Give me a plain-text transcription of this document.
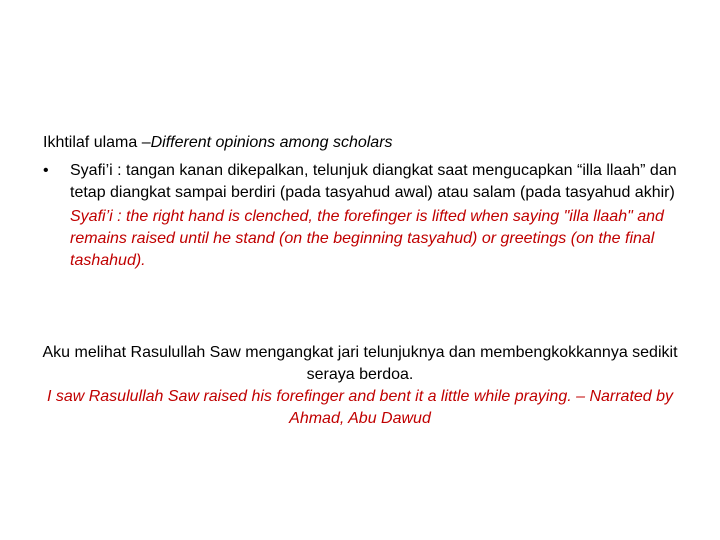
Ikhtilaf ulama –Different opinions among scholars
• Syafi’i : tangan kanan dikepalkan, telunjuk diangkat saat mengucapkan “illa llaah” dan tetap diangkat sampai berdiri (pada tasyahud awal) atau salam (pada tasyahud akhir)
Syafi’i : the right hand is clenched, the forefinger is lifted when saying "illa llaah" and remains raised until he stand (on the beginning tasyahud) or greetings (on the final tashahud).
Aku melihat Rasulullah Saw mengangkat jari telunjuknya dan membengkokkannya sedikit seraya berdoa.
I saw Rasulullah Saw raised his forefinger and bent it a little while praying. – Narrated by Ahmad, Abu Dawud
